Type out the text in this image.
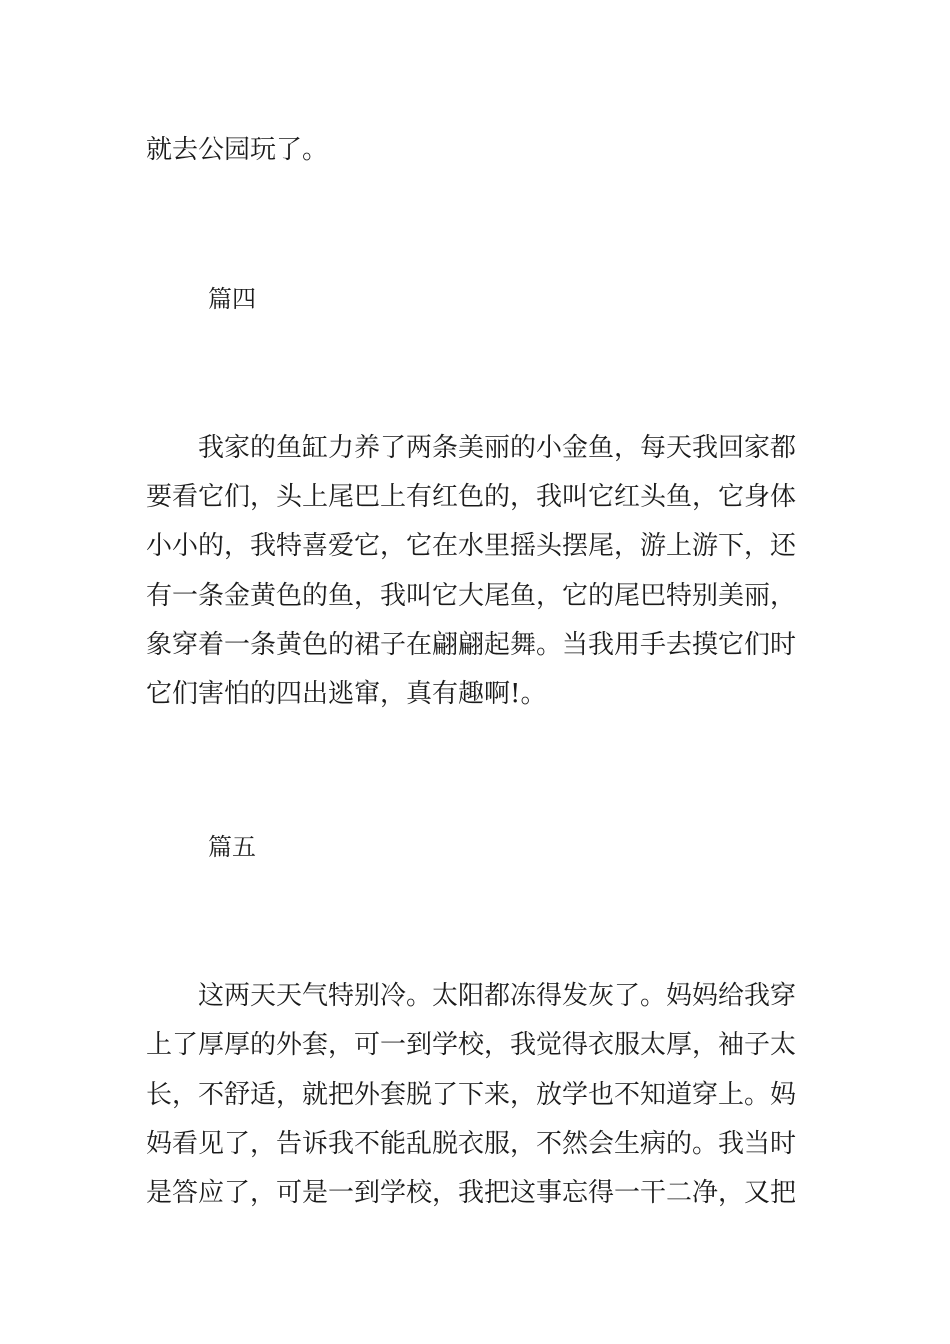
就去公园玩了。
篇四
我家的鱼缸力养了两条美丽的小金鱼，每天我回家都
要看它们，头上尾巴上有红色的，我叫它红头鱼，它身体
小小的，我特喜爱它，它在水里摇头摆尾，游上游下，还
有一条金黄色的鱼，我叫它大尾鱼，它的尾巴特别美丽，
象穿着一条黄色的裙子在翩翩起舞。当我用手去摸它们时
它们害怕的四出逃窜，真有趣啊!。
篇五
这两天天气特别冷。太阳都冻得发灰了。妈妈给我穿
上了厚厚的外套，可一到学校，我觉得衣服太厚，袖子太
长，不舒适，就把外套脱了下来，放学也不知道穿上。妈
妈看见了，告诉我不能乱脱衣服，不然会生病的。我当时
是答应了，可是一到学校，我把这事忘得一干二净，又把
